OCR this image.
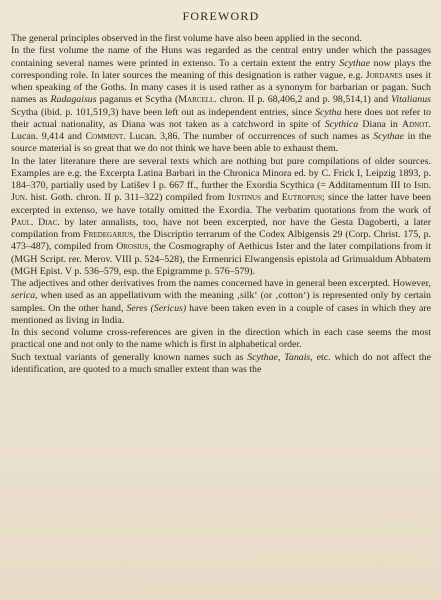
FOREWORD

The general principles observed in the first volume have also been applied in the second.

In the first volume the name of the Huns was regarded as the central entry under which the passages containing several names were printed in extenso. To a certain extent the entry Scythae now plays the corresponding role. In later sources the meaning of this designation is rather vague, e.g. Jordanes uses it when speaking of the Goths. In many cases it is used rather as a synonym for barbarian or pagan. Such names as Radagaisus paganus et Scytha (Marcell. chron. II p. 68,406,2 and p. 98,514,1) and Vitalianus Scytha (ibid. p. 101,519,3) have been left out as independent entries, since Scytha here does not refer to their actual nationality, as Diana was not taken as a catchword in spite of Scythica Diana in Adnot. Lucan. 9,414 and Comment. Lucan. 3,86. The number of occurrences of such names as Scythae in the source material is so great that we do not think we have been able to exhaust them.

In the later literature there are several texts which are nothing but pure compilations of older sources. Examples are e.g. the Excerpta Latina Barbari in the Chronica Minora ed. by C. Frick I, Leipzig 1893, p. 184–370, partially used by Latišev I p. 667 ff., further the Exordia Scythica (= Additamentum III to Isid. Jun. hist. Goth. chron. II p. 311–322) compiled from Iustinus and Eutropius; since the latter have been excerpted in extenso, we have totally omitted the Exordia. The verbatim quotations from the work of Paul. Diac. by later annalists, too, have not been excerpted, nor have the Gesta Dagoberti, a later compilation from Fredegarius, the Discriptio terrarum of the Codex Albigensis 29 (Corp. Christ. 175, p. 473–487), compiled from Orosius, the Cosmography of Aethicus Ister and the later compilations from it (MGH Script. rer. Merov. VIII p. 524–528), the Ermenrici Elwangensis epistola ad Grimualdum Abbatem (MGH Epist. V p. 536–579, esp. the Epigramme p. 576–579).

The adjectives and other derivatives from the names concerned have in general been excerpted. However, serica, when used as an appellativum with the meaning ‚silk‘ (or ‚cotton‘) is represented only by certain samples. On the other hand, Seres (Sericus) have been taken even in a couple of cases in which they are mentioned as living in India.

In this second volume cross-references are given in the direction which in each case seems the most practical one and not only to the name which is first in alphabetical order.

Such textual variants of generally known names such as Scythae, Tanais, etc. which do not affect the identification, are quoted to a much smaller extent than was the
